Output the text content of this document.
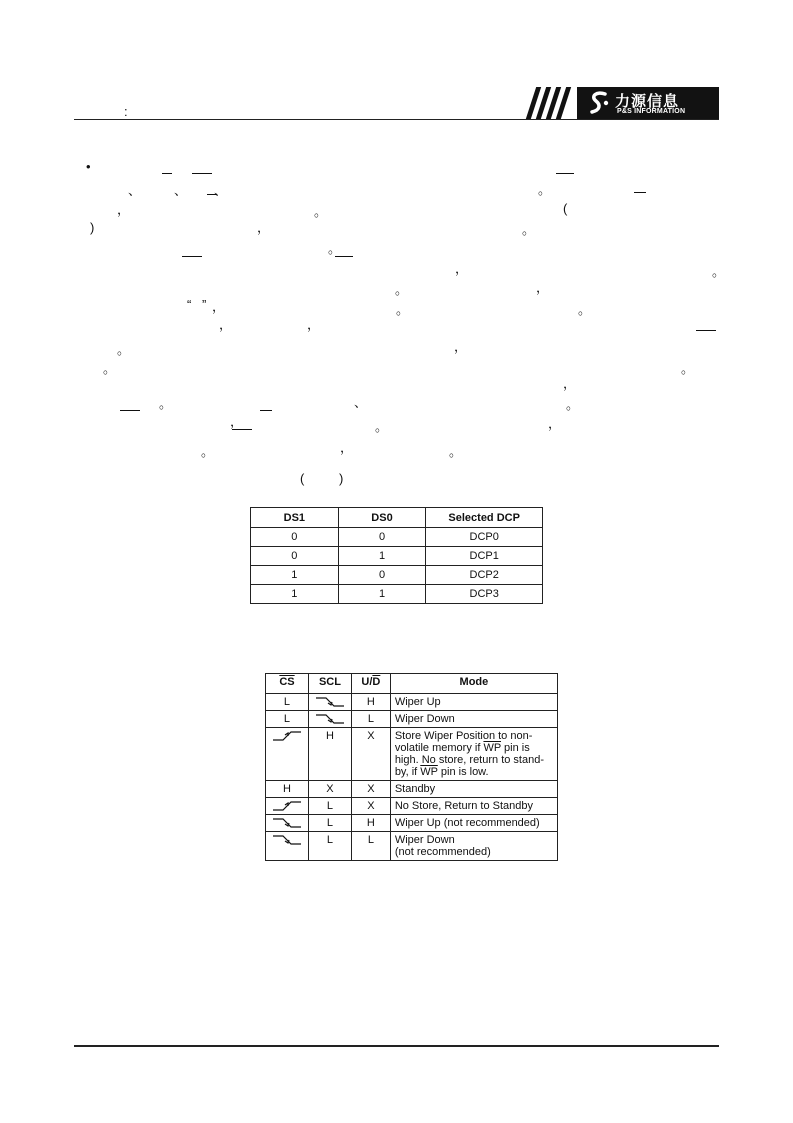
:
力源信息
P&S INFORMATION
•
、	、 、	。
，	。	(
)	，	。
。
，	。
。	，
“ ” ，	。	。
，	，
。	，
。	。
，
。	、	。
，	。	，
。	，	。
(	)
DS1	DS0	Selected DCP
0	0	DCP0
0	1	DCP1
1	0	DCP2
1	1	DCP3
$\overline{CS}$	SCL	$U/\overline{D}$	Mode
L		H	Wiper Up
L		L	Wiper Down

	H	X	Store Wiper Position to non-
volatile memory if $\overline{WP}$ pin is
high. No store, return to stand-
by, if $\overline{WP}$ pin is low.
H	X	X	Standby

	L	X	No Store, Return to Standby

	L	H	Wiper Up (not recommended)

	L	L	Wiper Down
(not recommended)
